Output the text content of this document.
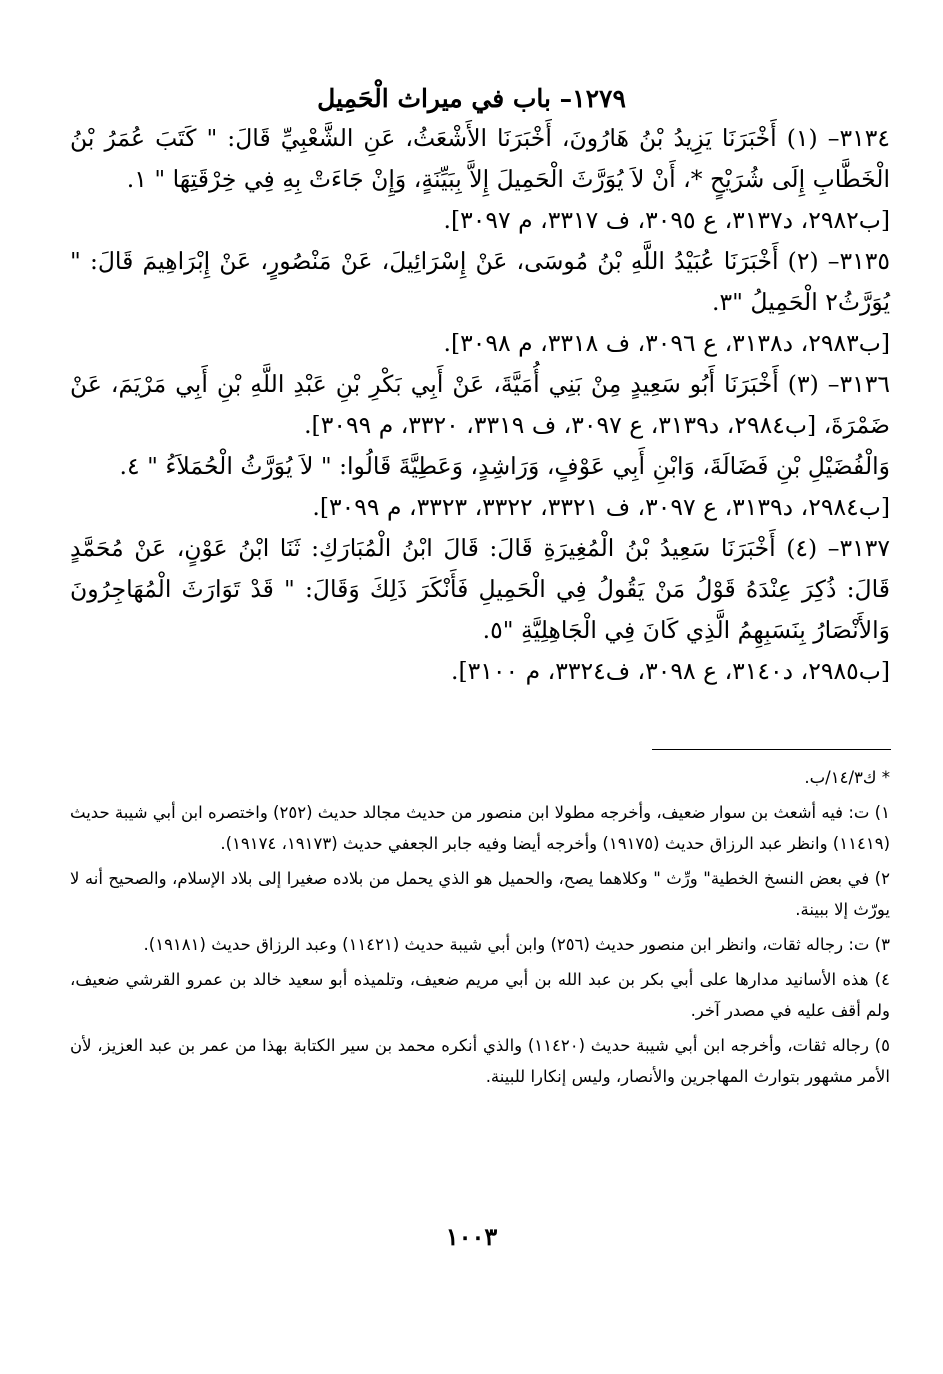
١٢٧٩– باب في ميراث الْحَمِيل

٣١٣٤– (١) أَخْبَرَنَا يَزِيدُ بْنُ هَارُونَ، أَخْبَرَنَا الأَشْعَثُ، عَنِ الشَّعْبِيِّ قَالَ: " كَتَبَ عُمَرُ بْنُ الْخَطَّابِ إِلَى شُرَيْحٍ *، أَنْ لاَ يُوَرَّثَ الْحَمِيلَ إِلاَّ بِبَيِّنَةٍ، وَإِنْ جَاءَتْ بِهِ فِي خِرْقَتِهَا " ١.

[ب٢٩٨٢، د٣١٣٧، ع ٣٠٩٥، ف ٣٣١٧، م ٣٠٩٧].

٣١٣٥– (٢) أَخْبَرَنَا عُبَيْدُ اللَّهِ بْنُ مُوسَى، عَنْ إِسْرَائِيلَ، عَنْ مَنْصُورٍ، عَنْ إِبْرَاهِيمَ قَالَ: " يُوَرَّثُ٢ الْحَمِيلُ "٣.

[ب٢٩٨٣، د٣١٣٨، ع ٣٠٩٦، ف ٣٣١٨، م ٣٠٩٨].

٣١٣٦– (٣) أَخْبَرَنَا أَبُو سَعِيدٍ مِنْ بَنِي أُمَيَّةَ، عَنْ أَبِي بَكْرِ بْنِ عَبْدِ اللَّهِ بْنِ أَبِي مَرْيَمَ، عَنْ ضَمْرَةَ، [ب٢٩٨٤، د٣١٣٩، ع ٣٠٩٧، ف ٣٣١٩، ٣٣٢٠، م ٣٠٩٩].

وَالْفُضَيْلِ بْنِ فَضَالَةَ، وَابْنِ أَبِي عَوْفٍ، وَرَاشِدٍ، وَعَطِيَّةَ قَالُوا: " لاَ يُوَرَّثُ الْحُمَلاَءُ " ٤.

[ب٢٩٨٤، د٣١٣٩، ع ٣٠٩٧، ف ٣٣٢١، ٣٣٢٢، ٣٣٢٣، م ٣٠٩٩].

٣١٣٧– (٤) أَخْبَرَنَا سَعِيدُ بْنُ الْمُغِيرَةِ قَالَ: قَالَ ابْنُ الْمُبَارَكِ: ثَنَا ابْنُ عَوْنٍ، عَنْ مُحَمَّدٍ قَالَ: ذُكِرَ عِنْدَهُ قَوْلُ مَنْ يَقُولُ فِي الْحَمِيلِ فَأَنْكَرَ ذَلِكَ وَقَالَ: " قَدْ تَوَارَثَ الْمُهَاجِرُونَ وَالأَنْصَارُ بِنَسَبِهِمُ الَّذِي كَانَ فِي الْجَاهِلِيَّةِ "٥.

[ب٢٩٨٥، د٣١٤٠، ع ٣٠٩٨، ف٣٣٢٤، م ٣١٠٠].

* ك١٤/٣/ب.

١) ت: فيه أشعث بن سوار ضعيف، وأخرجه مطولا ابن منصور من حديث مجالد حديث (٢٥٢) واختصره ابن أبي شيبة حديث (١١٤١٩) وانظر عبد الرزاق حديث (١٩١٧٥) وأخرجه أيضا وفيه جابر الجعفي حديث (١٩١٧٣، ١٩١٧٤).

٢) في بعض النسخ الخطية" ورِّث " وكلاهما يصح، والحميل هو الذي يحمل من بلاده صغيرا إلى بلاد الإسلام، والصحيح أنه لا يورّث إلا ببينة.

٣) ت: رجاله ثقات، وانظر ابن منصور حديث (٢٥٦) وابن أبي شيبة حديث (١١٤٢١) وعبد الرزاق حديث (١٩١٨١).

٤) هذه الأسانيد مدارها على أبي بكر بن عبد الله بن أبي مريم ضعيف، وتلميذه أبو سعيد خالد بن عمرو القرشي ضعيف، ولم أقف عليه في مصدر آخر.

٥) رجاله ثقات، وأخرجه ابن أبي شيبة حديث (١١٤٢٠) والذي أنكره محمد بن سير الكتابة بهذا من عمر بن عبد العزيز، لأن الأمر مشهور بتوارث المهاجرين والأنصار، وليس إنكارا للبينة.

١٠٠٣
